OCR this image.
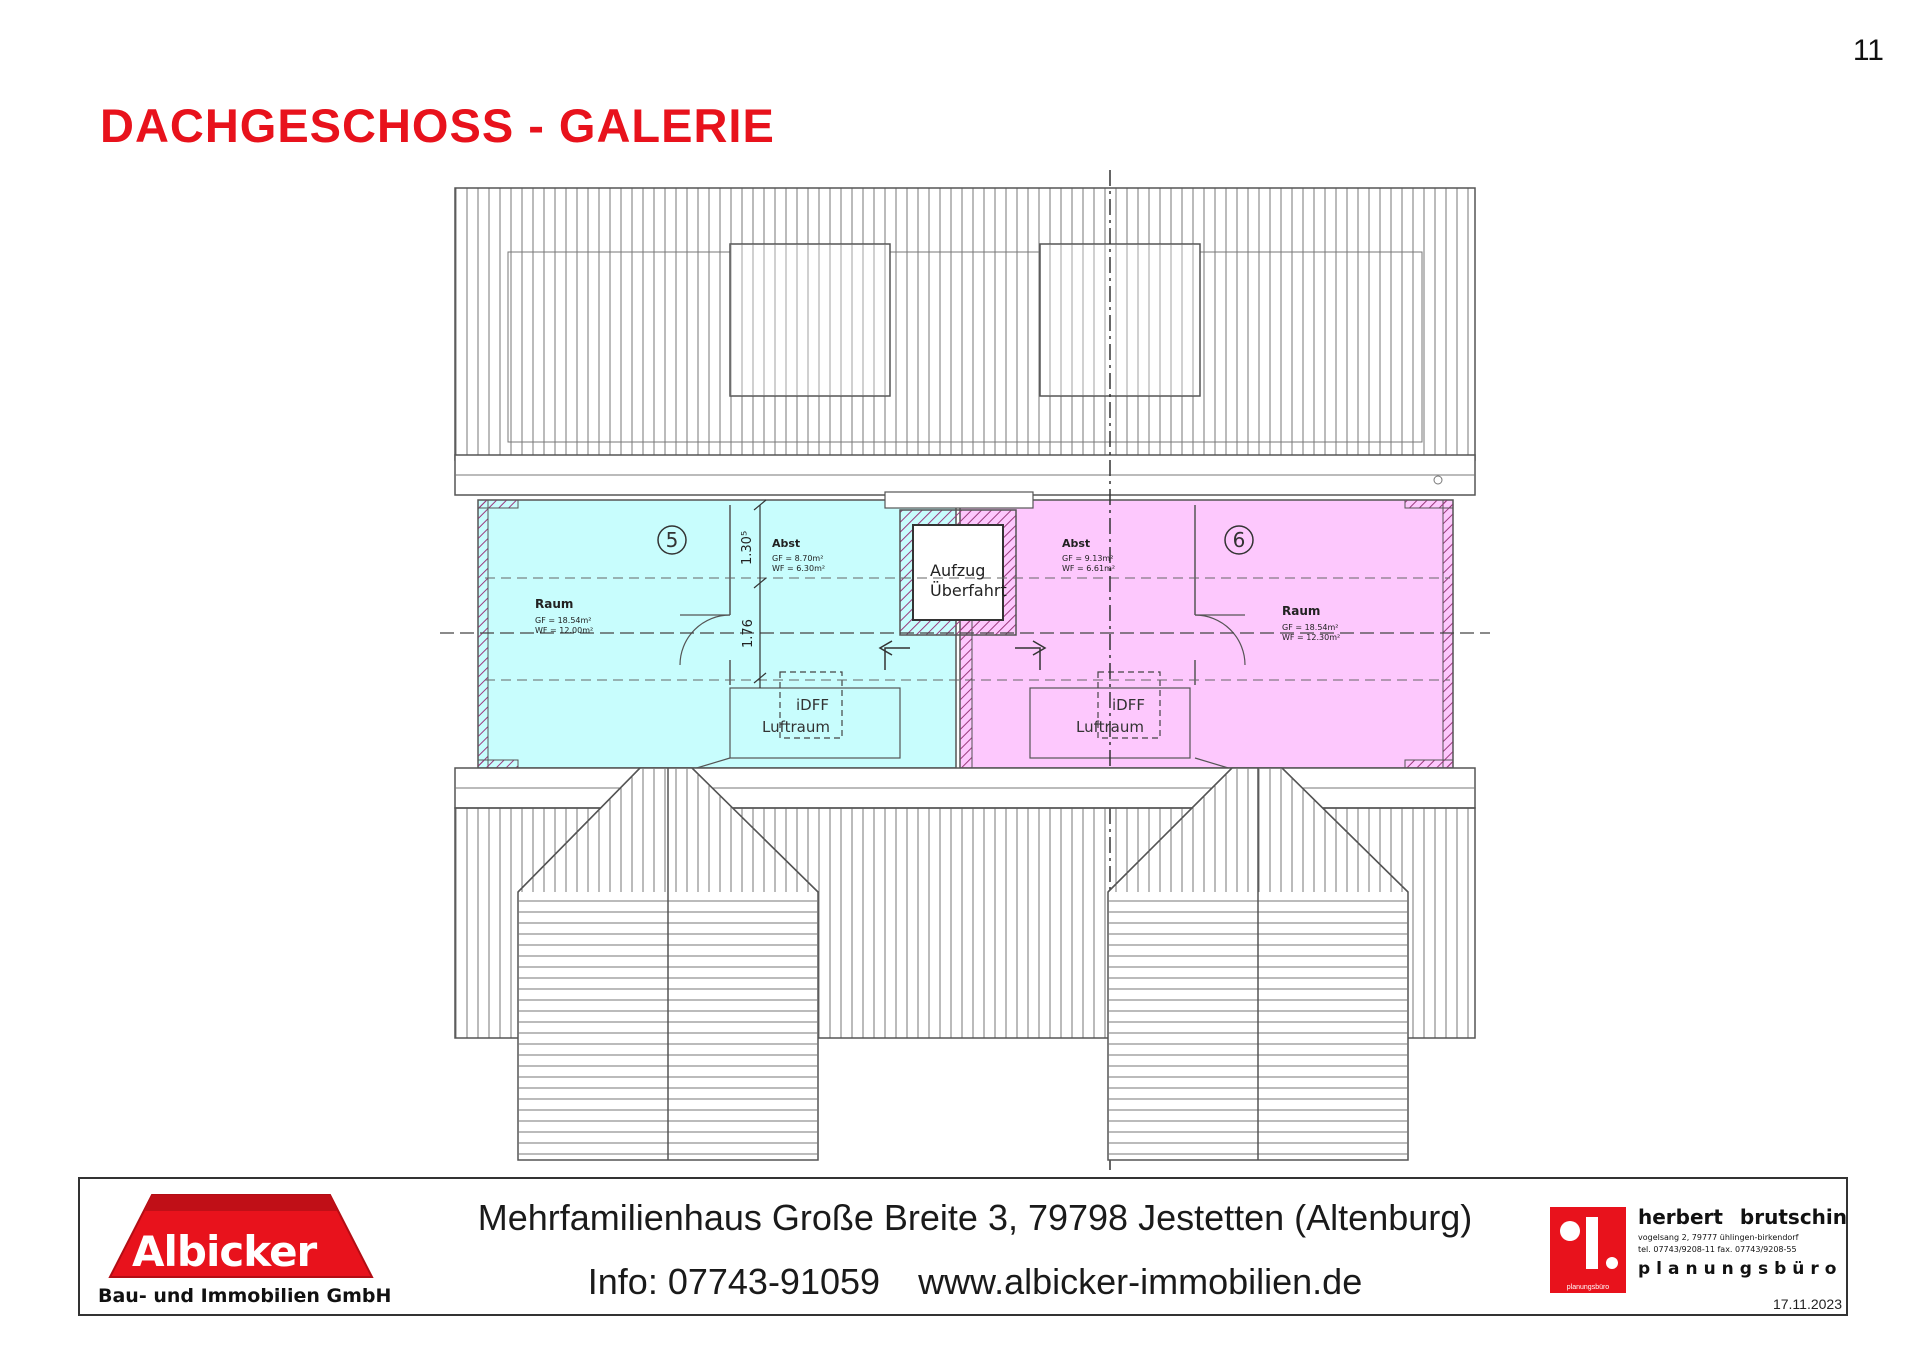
11
DACHGESCHOSS - GALERIE
5
Raum
GF = 18.54m²
WF = 12.00m²
Abst
GF = 8.70m²
WF = 6.30m²
1.30⁵
1.76
iDFF
Luftraum
6
Raum
GF = 18.54m²
WF = 12.30m²
Abst
GF = 9.13m²
WF = 6.61m²
iDFF
Luftraum
Aufzug
Überfahrt
Albicker
Bau- und Immobilien GmbH
Mehrfamilienhaus Große Breite 3, 79798 Jestetten (Altenburg)
Info: 07743-91059 www.albicker-immobilien.de	planungsbüro
herbert brutschin
vogelsang 2, 79777 ühlingen-birkendorf
tel. 07743/9208-11 fax. 07743/9208-55
planungsbüro
17.11.2023
